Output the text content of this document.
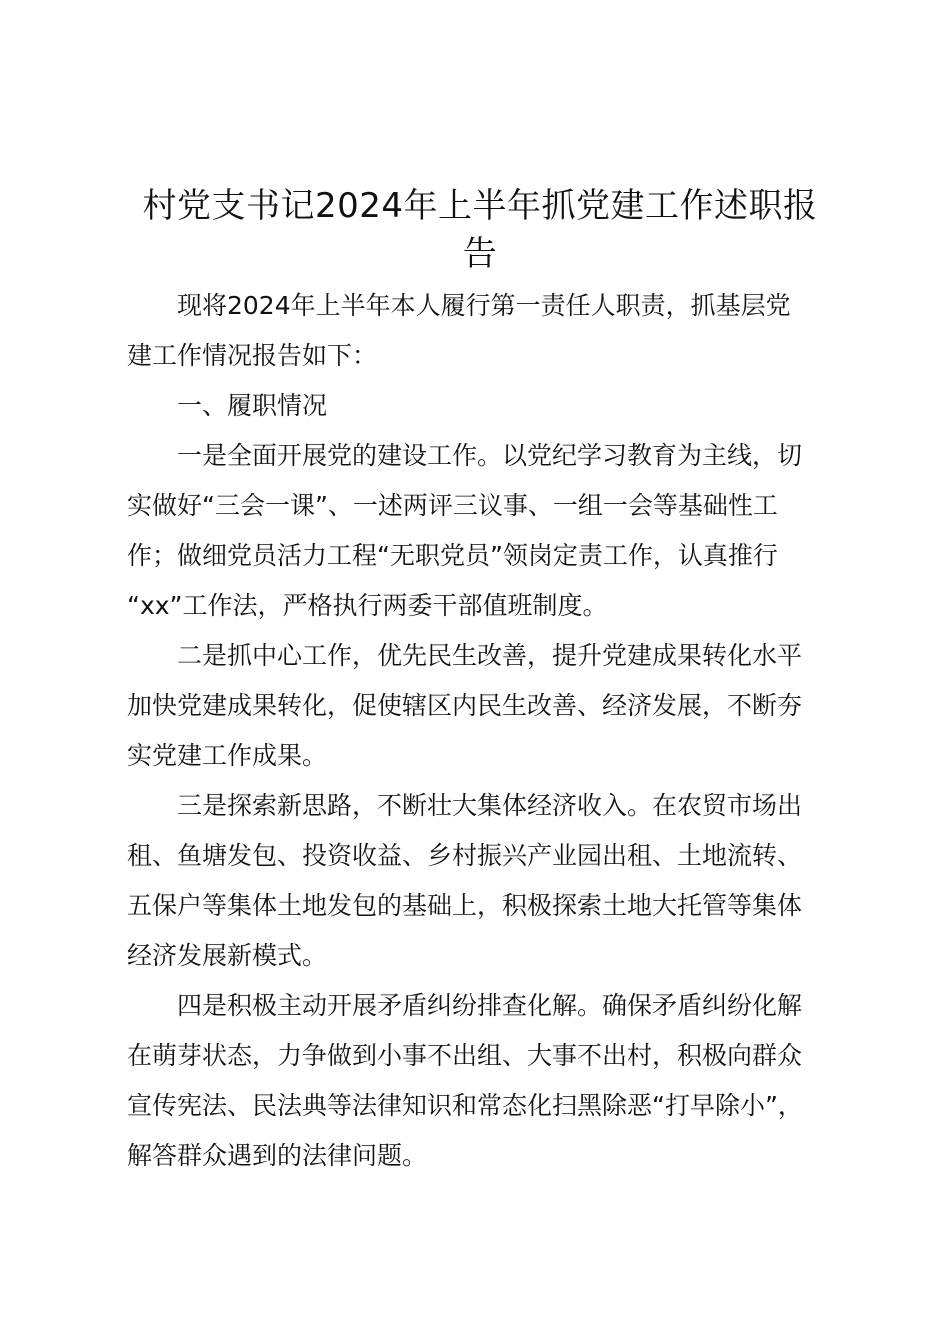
村党支书记2024年上半年抓党建工作述职报
告

现将2024年上半年本人履行第一责任人职责，抓基层党
建工作情况报告如下：

一、履职情况

一是全面开展党的建设工作。以党纪学习教育为主线，切
实做好“三会一课”、一述两评三议事、一组一会等基础性工
作；做细党员活力工程“无职党员”领岗定责工作，认真推行
“xx”工作法，严格执行两委干部值班制度。

二是抓中心工作，优先民生改善，提升党建成果转化水平
加快党建成果转化，促使辖区内民生改善、经济发展，不断夯
实党建工作成果。

三是探索新思路，不断壮大集体经济收入。在农贸市场出
租、鱼塘发包、投资收益、乡村振兴产业园出租、土地流转、
五保户等集体土地发包的基础上，积极探索土地大托管等集体
经济发展新模式。

四是积极主动开展矛盾纠纷排查化解。确保矛盾纠纷化解
在萌芽状态，力争做到小事不出组、大事不出村，积极向群众
宣传宪法、民法典等法律知识和常态化扫黑除恶“打早除小”，
解答群众遇到的法律问题。
